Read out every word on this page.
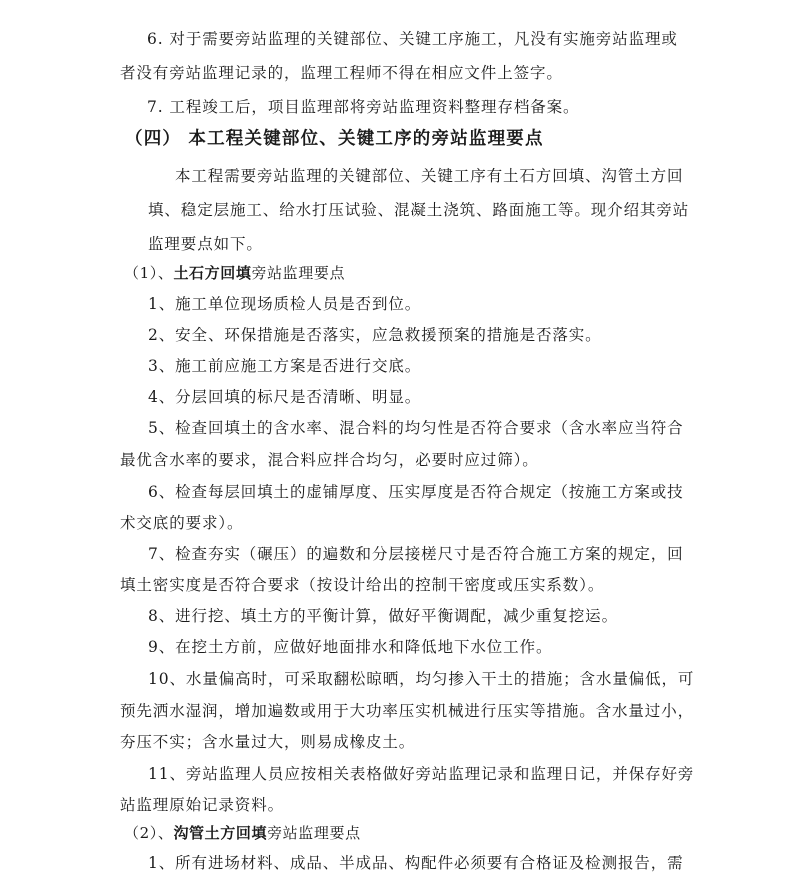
6. 对于需要旁站监理的关键部位、关键工序施工，凡没有实施旁站监理或
者没有旁站监理记录的，监理工程师不得在相应文件上签字。
7. 工程竣工后，项目监理部将旁站监理资料整理存档备案。
（四） 本工程关键部位、关键工序的旁站监理要点
本工程需要旁站监理的关键部位、关键工序有土石方回填、沟管土方回
填、稳定层施工、给水打压试验、混凝土浇筑、路面施工等。现介绍其旁站
监理要点如下。
（1）、土石方回填旁站监理要点
1、施工单位现场质检人员是否到位。
2、安全、环保措施是否落实，应急救援预案的措施是否落实。
3、施工前应施工方案是否进行交底。
4、分层回填的标尺是否清晰、明显。
5、检查回填土的含水率、混合料的均匀性是否符合要求（含水率应当符合
最优含水率的要求，混合料应拌合均匀，必要时应过筛）。
6、检查每层回填土的虚铺厚度、压实厚度是否符合规定（按施工方案或技
术交底的要求）。
7、检查夯实（碾压）的遍数和分层接槎尺寸是否符合施工方案的规定，回
填土密实度是否符合要求（按设计给出的控制干密度或压实系数）。
8、进行挖、填土方的平衡计算，做好平衡调配，减少重复挖运。
9、在挖土方前，应做好地面排水和降低地下水位工作。
10、水量偏高时，可采取翻松晾晒，均匀掺入干土的措施；含水量偏低，可
预先洒水湿润，增加遍数或用于大功率压实机械进行压实等措施。含水量过小，
夯压不实；含水量过大，则易成橡皮土。
11、旁站监理人员应按相关表格做好旁站监理记录和监理日记，并保存好旁
站监理原始记录资料。
（2）、沟管土方回填旁站监理要点
1、所有进场材料、成品、半成品、构配件必须要有合格证及检测报告，需
